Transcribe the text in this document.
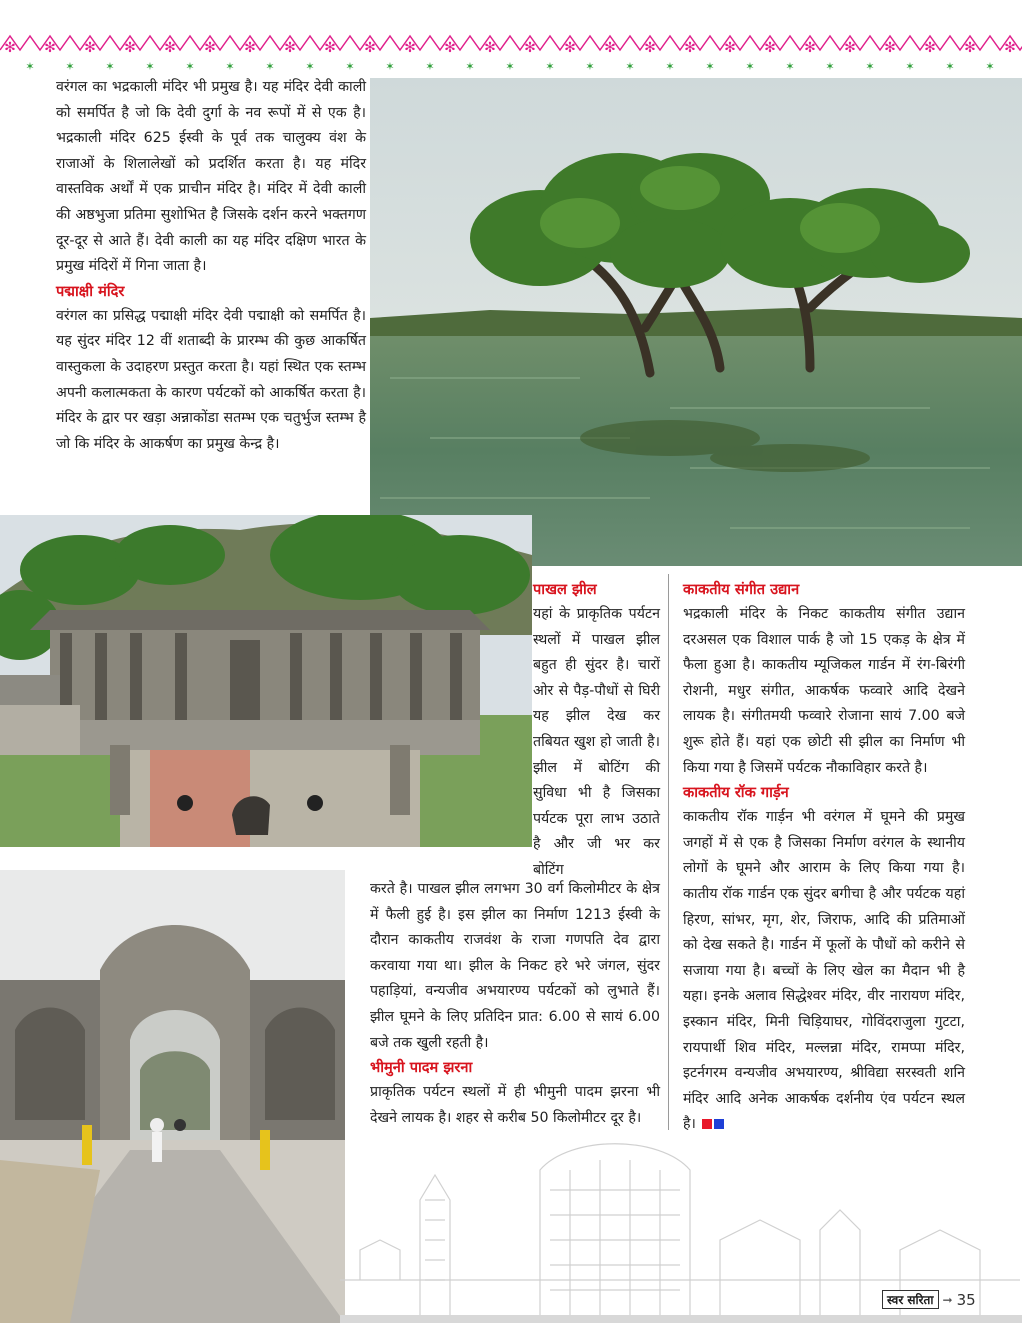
✻ ✻ ✻ ✻ ✻ ✻ ✻ ✻ ✻ ✻ ✻ ✻ ✻ ✻ ✻ ✻ ✻ ✻ ✻ ✻ ✻ ✻ ✻ ✻ ✻ ✻
✶	✶	✶	✶	✶	✶	✶	✶	✶	✶	✶	✶	✶	✶	✶	✶	✶	✶	✶	✶	✶	✶	✶	✶	✶

वरंगल का भद्रकाली मंदिर भी प्रमुख है। यह मंदिर देवी काली को समर्पित है जो कि देवी दुर्गा के नव रूपों में से एक है। भद्रकाली मंदिर 625 ईस्वी के पूर्व तक चालुक्य वंश के राजाओं के शिलालेखों को प्रदर्शित करता है। यह मंदिर वास्तविक अर्थों में एक प्राचीन मंदिर है। मंदिर में देवी काली की अष्ठभुजा प्रतिमा सुशोभित है जिसके दर्शन करने भक्तगण दूर-दूर से आते हैं। देवी काली का यह मंदिर दक्षिण भारत के प्रमुख मंदिरों में गिना जाता है।

पद्माक्षी मंदिर

वरंगल का प्रसिद्ध पद्माक्षी मंदिर देवी पद्माक्षी को समर्पित है। यह सुंदर मंदिर 12 वीं शताब्दी के प्रारम्भ की कुछ आकर्षित वास्तुकला के उदाहरण प्रस्तुत करता है। यहां स्थित एक स्तम्भ अपनी कलात्मकता के कारण पर्यटकों को आकर्षित करता है। मंदिर के द्वार पर खड़ा अन्नाकोंडा सतम्भ एक चतुर्भुज स्तम्भ है जो कि मंदिर के आकर्षण का प्रमुख केन्द्र है।

पाखल झील

यहां के प्राकृतिक पर्यटन स्थलों में पाखल झील बहुत ही सुंदर है। चारों ओर से पैड़-पौधों से घिरी यह झील देख कर तबियत खुश हो जाती है। झील में बोटिंग की सुविधा भी है जिसका पर्यटक पूरा लाभ उठाते है और जी भर कर बोटिंग

करते है। पाखल झील लगभग 30 वर्ग किलोमीटर के क्षेत्र में फैली हुई है। इस झील का निर्माण 1213 ईस्वी के दौरान काकतीय राजवंश के राजा गणपति देव द्वारा करवाया गया था। झील के निकट हरे भरे जंगल, सुंदर पहाड़ियां, वन्यजीव अभयारण्य पर्यटकों को लुभाते हैं। झील घूमने के लिए प्रतिदिन प्रात: 6.00 से सायं 6.00 बजे तक खुली रहती है।

भीमुनी पादम झरना

प्राकृतिक पर्यटन स्थलों में ही भीमुनी पादम झरना भी देखने लायक है। शहर से करीब 50 किलोमीटर दूर है।

काकतीय संगीत उद्यान

भद्रकाली मंदिर के निकट काकतीय संगीत उद्यान दरअसल एक विशाल पार्क है जो 15 एकड़ के क्षेत्र में फैला हुआ है। काकतीय म्यूजिकल गार्डन में रंग-बिरंगी रोशनी, मधुर संगीत, आकर्षक फव्वारे आदि देखने लायक है। संगीतमयी फव्वारे रोजाना सायं 7.00 बजे शुरू होते हैं। यहां एक छोटी सी झील का निर्माण भी किया गया है जिसमें पर्यटक नौकाविहार करते है।

काकतीय रॉक गार्ड़न

काकतीय रॉक गार्ड़न भी वरंगल में घूमने की प्रमुख जगहों में से एक है जिसका निर्माण वरंगल के स्थानीय लोगों के घूमने और आराम के लिए किया गया है। कातीय रॉक गार्डन एक सुंदर बगीचा है और पर्यटक यहां हिरण, सांभर, मृग, शेर, जिराफ, आदि की प्रतिमाओं को देख सकते है। गार्डन में फूलों के पौधों को करीने से सजाया गया है। बच्चों के लिए खेल का मैदान भी है यहा। इनके अलाव सिद्धेश्वर मंदिर, वीर नारायण मंदिर, इस्कान मंदिर, मिनी चिड़ियाघर, गोविंदराजुला गुटटा, रायपार्थी शिव मंदिर, मल्लन्ना मंदिर, रामप्पा मंदिर, इटर्नगरम वन्यजीव अभयारण्य, श्रीविद्या सरस्वती शनि मंदिर आदि अनेक आकर्षक दर्शनीय एंव पर्यटन स्थल है।

स्वर सरिता ➞ 35
